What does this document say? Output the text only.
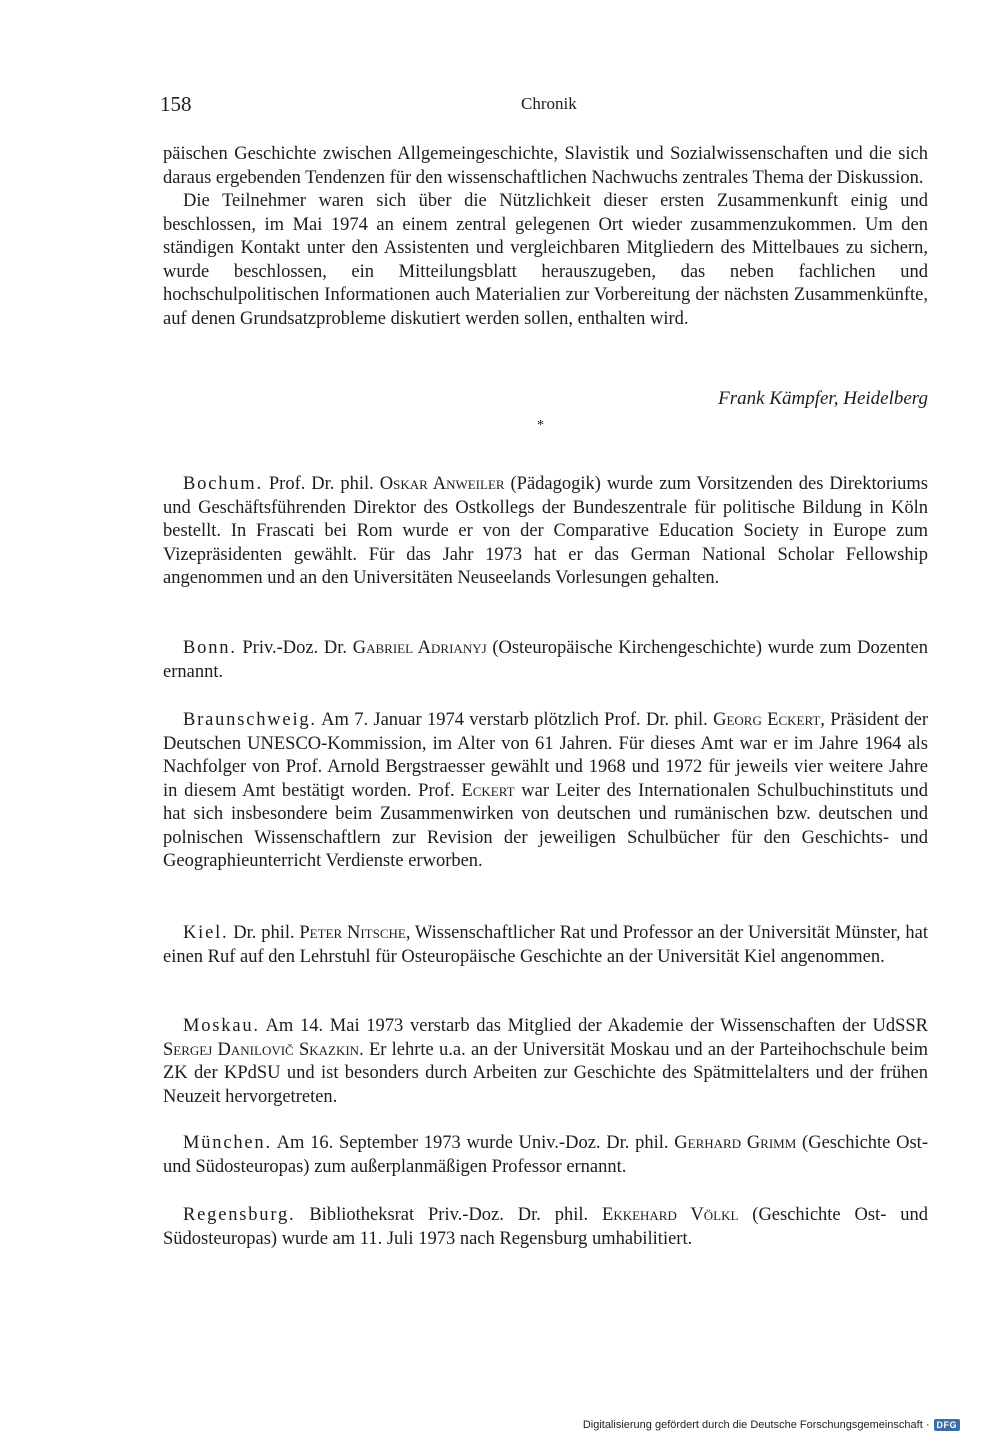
158	Chronik

päischen Geschichte zwischen Allgemeingeschichte, Slavistik und Sozialwissenschaften und die sich daraus ergebenden Tendenzen für den wissenschaftlichen Nachwuchs zentrales Thema der Diskussion.

Die Teilnehmer waren sich über die Nützlichkeit dieser ersten Zusammenkunft einig und beschlossen, im Mai 1974 an einem zentral gelegenen Ort wieder zusammenzukommen. Um den ständigen Kontakt unter den Assistenten und vergleichbaren Mitgliedern des Mittelbaues zu sichern, wurde beschlossen, ein Mitteilungsblatt herauszugeben, das neben fachlichen und hochschulpolitischen Informationen auch Materialien zur Vorbereitung der nächsten Zusammenkünfte, auf denen Grundsatzprobleme diskutiert werden sollen, enthalten wird.

Frank Kämpfer, Heidelberg
*

Bochum. Prof. Dr. phil. Oskar Anweiler (Pädagogik) wurde zum Vorsitzenden des Direktoriums und Geschäftsführenden Direktor des Ostkollegs der Bundeszentrale für politische Bildung in Köln bestellt. In Frascati bei Rom wurde er von der Comparative Education Society in Europe zum Vizepräsidenten gewählt. Für das Jahr 1973 hat er das German National Scholar Fellowship angenommen und an den Universitäten Neuseelands Vorlesungen gehalten.

Bonn. Priv.-Doz. Dr. Gabriel Adrianyj (Osteuropäische Kirchengeschichte) wurde zum Dozenten ernannt.

Braunschweig. Am 7. Januar 1974 verstarb plötzlich Prof. Dr. phil. Georg Eckert, Präsident der Deutschen UNESCO-Kommission, im Alter von 61 Jahren. Für dieses Amt war er im Jahre 1964 als Nachfolger von Prof. Arnold Bergstraesser gewählt und 1968 und 1972 für jeweils vier weitere Jahre in diesem Amt bestätigt worden. Prof. Eckert war Leiter des Internationalen Schulbuchinstituts und hat sich insbesondere beim Zusammenwirken von deutschen und rumänischen bzw. deutschen und polnischen Wissenschaftlern zur Revision der jeweiligen Schulbücher für den Geschichts- und Geographieunterricht Verdienste erworben.

Kiel. Dr. phil. Peter Nitsche, Wissenschaftlicher Rat und Professor an der Universität Münster, hat einen Ruf auf den Lehrstuhl für Osteuropäische Geschichte an der Universität Kiel angenommen.

Moskau. Am 14. Mai 1973 verstarb das Mitglied der Akademie der Wissenschaften der UdSSR Sergej Danilovič Skazkin. Er lehrte u.a. an der Universität Moskau und an der Parteihochschule beim ZK der KPdSU und ist besonders durch Arbeiten zur Geschichte des Spätmittelalters und der frühen Neuzeit hervorgetreten.

München. Am 16. September 1973 wurde Univ.-Doz. Dr. phil. Gerhard Grimm (Geschichte Ost- und Südosteuropas) zum außerplanmäßigen Professor ernannt.

Regensburg. Bibliotheksrat Priv.-Doz. Dr. phil. Ekkehard Völkl (Geschichte Ost- und Südosteuropas) wurde am 11. Juli 1973 nach Regensburg umhabilitiert.

Digitalisierung gefördert durch die Deutsche Forschungsgemeinschaft · DFG
